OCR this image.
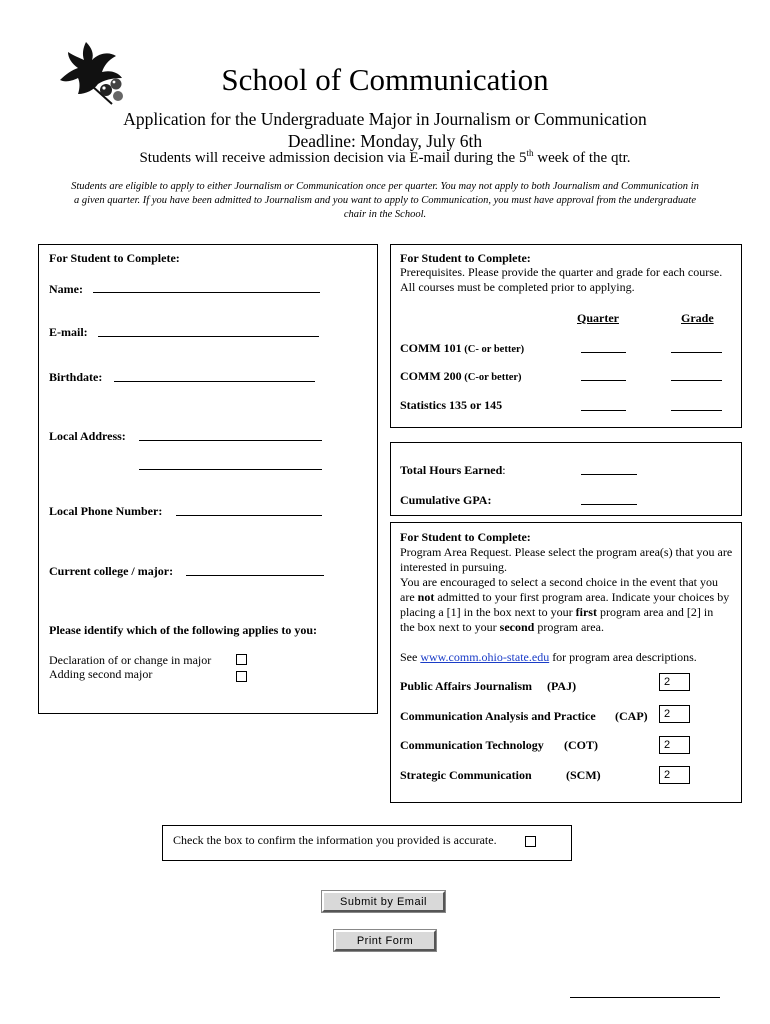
School of Communication
Application for the Undergraduate Major in Journalism or Communication
Deadline: Monday, July 6th
Students will receive admission decision via E-mail during the 5th week of the qtr.
Students are eligible to apply to either Journalism or Communication once per quarter. You may not apply to both Journalism and Communication in a given quarter. If you have been admitted to Journalism and you want to apply to Communication, you must have approval from the undergraduate chair in the School.
For Student to Complete:
Name:
E-mail:
Birthdate:
Local Address:
Local Phone Number:
Current college / major:
Please identify which of the following applies to you:
Declaration of or change in major
Adding second major
For Student to Complete:
Prerequisites. Please provide the quarter and grade for each course. All courses must be completed prior to applying.
Quarter	Grade
COMM 101 (C- or better)
COMM 200 (C-or better)
Statistics 135 or 145
Total Hours Earned:
Cumulative GPA:
For Student to Complete:
Program Area Request. Please select the program area(s) that you are interested in pursuing.
You are encouraged to select a second choice in the event that you are not admitted to your first program area. Indicate your choices by placing a [1] in the box next to your first program area and [2] in the box next to your second program area.
See www.comm.ohio-state.edu for program area descriptions.
Public Affairs Journalism (PAJ)	2
Communication Analysis and Practice (CAP)	2
Communication Technology (COT)	2
Strategic Communication	(SCM)	2
Check the box to confirm the information you provided is accurate.
Submit by Email
Print Form
